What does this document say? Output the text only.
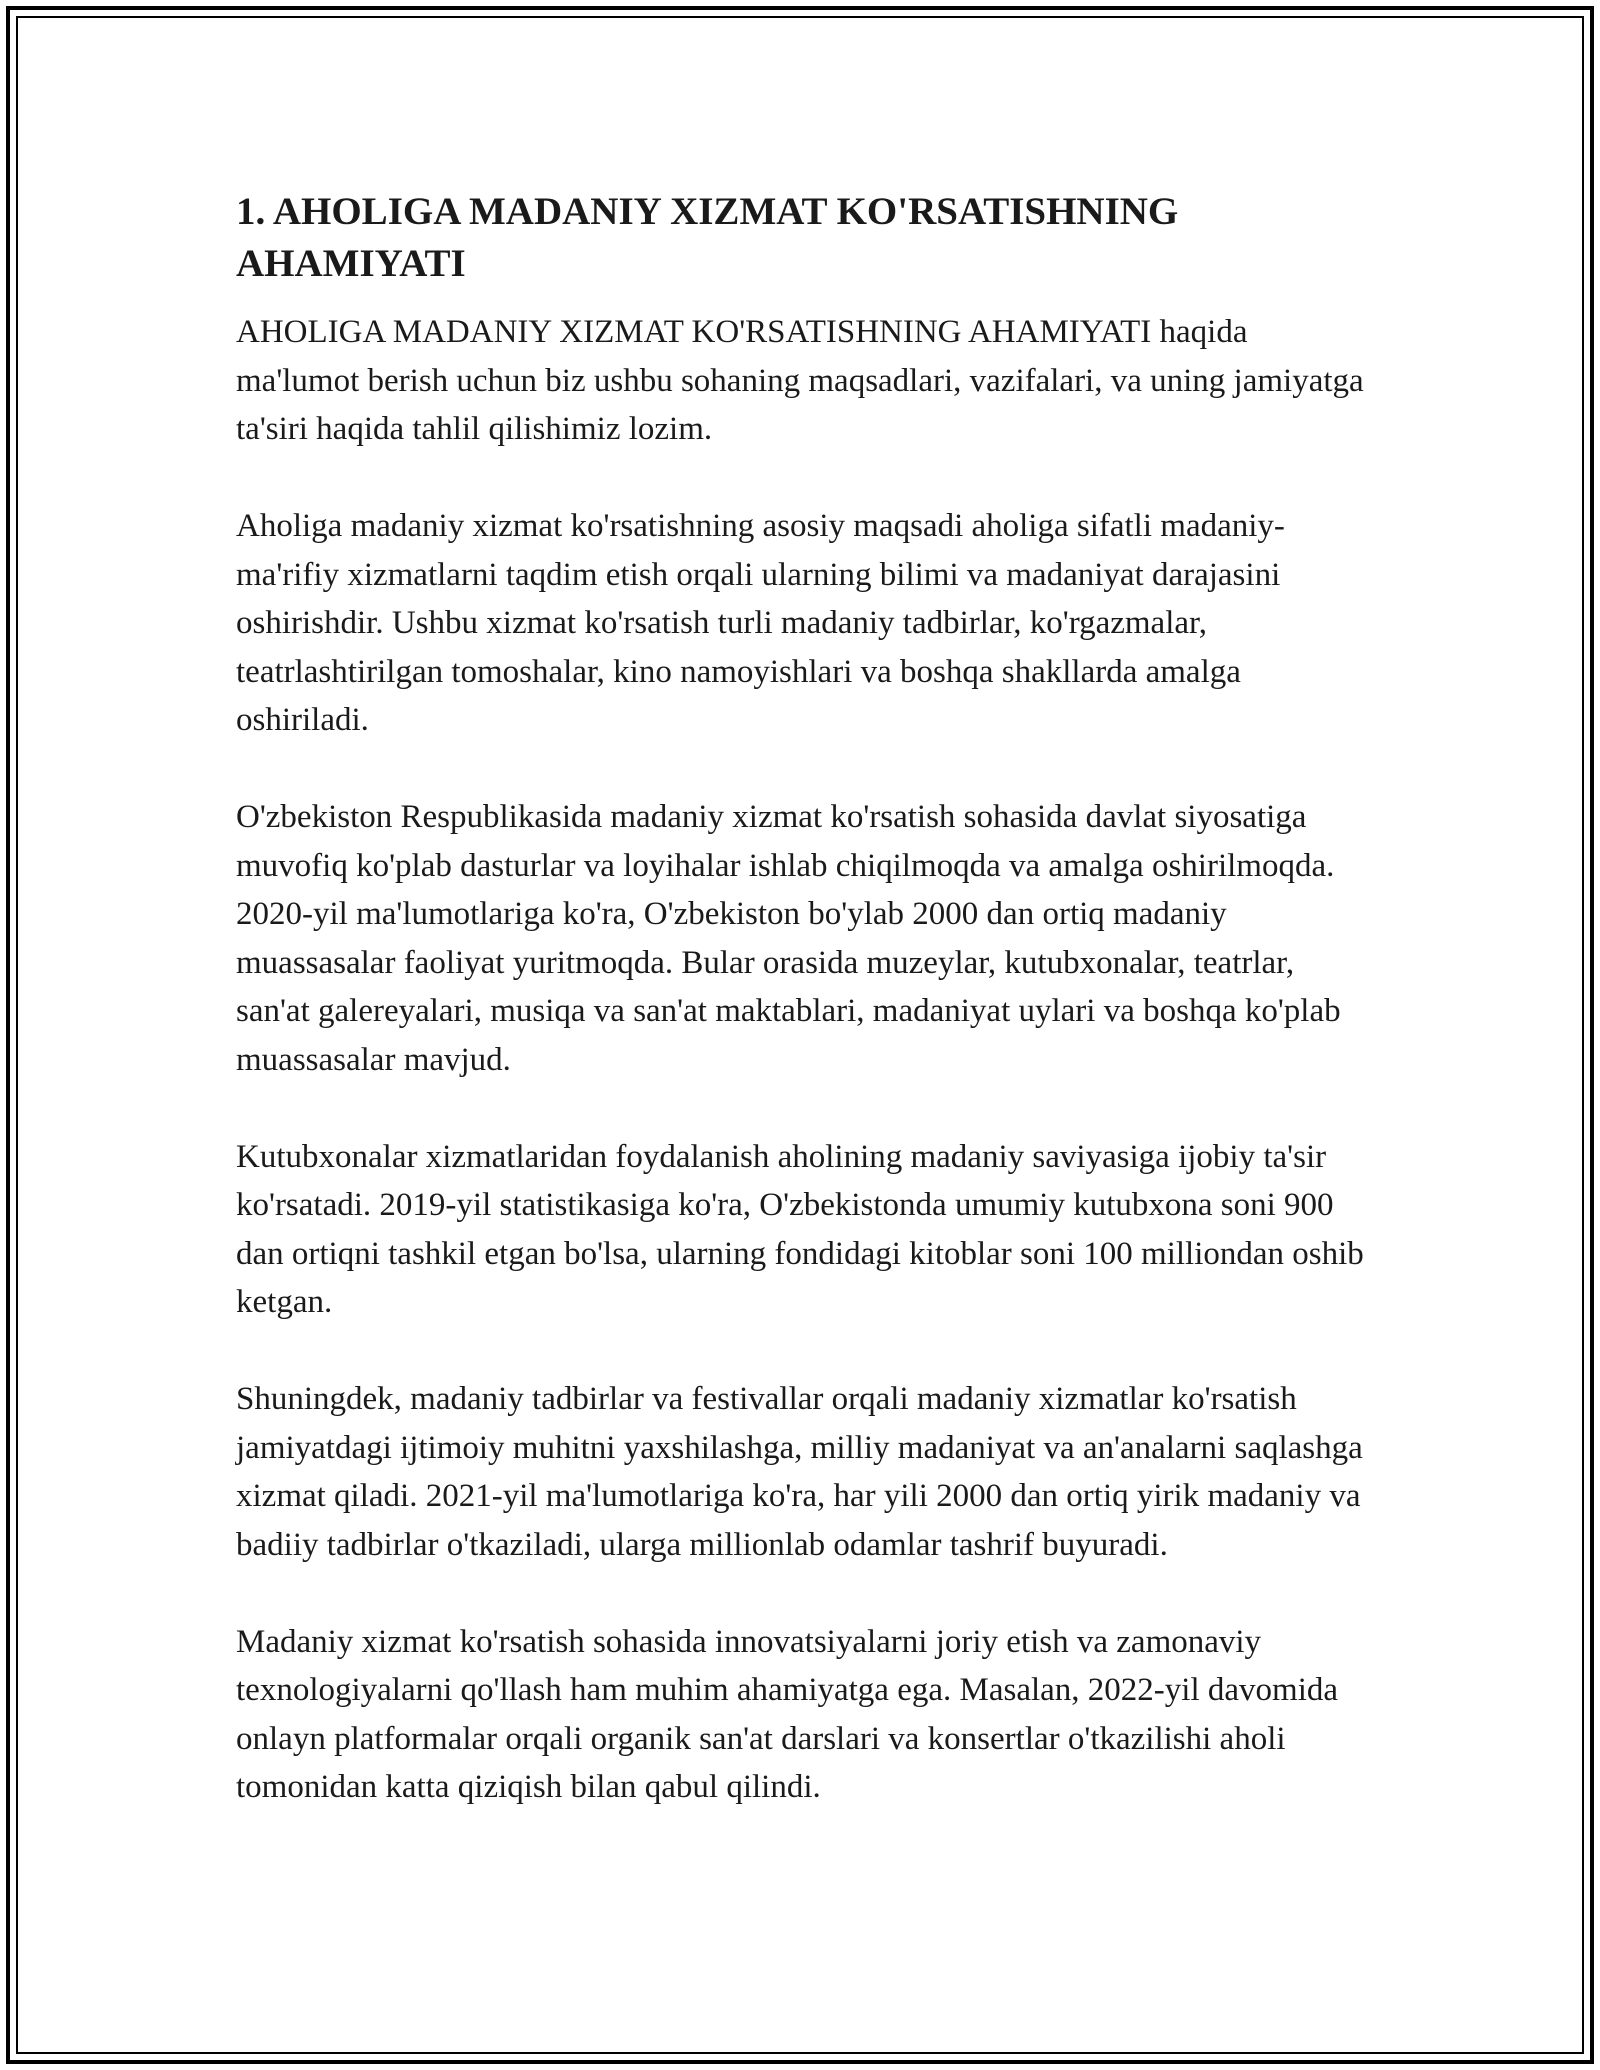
1. AHOLIGA MADANIY XIZMAT KO'RSATISHNING AHAMIYATI

AHOLIGA MADANIY XIZMAT KO'RSATISHNING AHAMIYATI haqida ma'lumot berish uchun biz ushbu sohaning maqsadlari, vazifalari, va uning jamiyatga ta'siri haqida tahlil qilishimiz lozim.

Aholiga madaniy xizmat ko'rsatishning asosiy maqsadi aholiga sifatli madaniy-ma'rifiy xizmatlarni taqdim etish orqali ularning bilimi va madaniyat darajasini oshirishdir. Ushbu xizmat ko'rsatish turli madaniy tadbirlar, ko'rgazmalar, teatrlashtirilgan tomoshalar, kino namoyishlari va boshqa shakllarda amalga oshiriladi.

O'zbekiston Respublikasida madaniy xizmat ko'rsatish sohasida davlat siyosatiga muvofiq ko'plab dasturlar va loyihalar ishlab chiqilmoqda va amalga oshirilmoqda. 2020-yil ma'lumotlariga ko'ra, O'zbekiston bo'ylab 2000 dan ortiq madaniy muassasalar faoliyat yuritmoqda. Bular orasida muzeylar, kutubxonalar, teatrlar, san'at galereyalari, musiqa va san'at maktablari, madaniyat uylari va boshqa ko'plab muassasalar mavjud.

Kutubxonalar xizmatlaridan foydalanish aholining madaniy saviyasiga ijobiy ta'sir ko'rsatadi. 2019-yil statistikasiga ko'ra, O'zbekistonda umumiy kutubxona soni 900 dan ortiqni tashkil etgan bo'lsa, ularning fondidagi kitoblar soni 100 milliondan oshib ketgan.

Shuningdek, madaniy tadbirlar va festivallar orqali madaniy xizmatlar ko'rsatish jamiyatdagi ijtimoiy muhitni yaxshilashga, milliy madaniyat va an'analarni saqlashga xizmat qiladi. 2021-yil ma'lumotlariga ko'ra, har yili 2000 dan ortiq yirik madaniy va badiiy tadbirlar o'tkaziladi, ularga millionlab odamlar tashrif buyuradi.

Madaniy xizmat ko'rsatish sohasida innovatsiyalarni joriy etish va zamonaviy texnologiyalarni qo'llash ham muhim ahamiyatga ega. Masalan, 2022-yil davomida onlayn platformalar orqali organik san'at darslari va konsertlar o'tkazilishi aholi tomonidan katta qiziqish bilan qabul qilindi.
